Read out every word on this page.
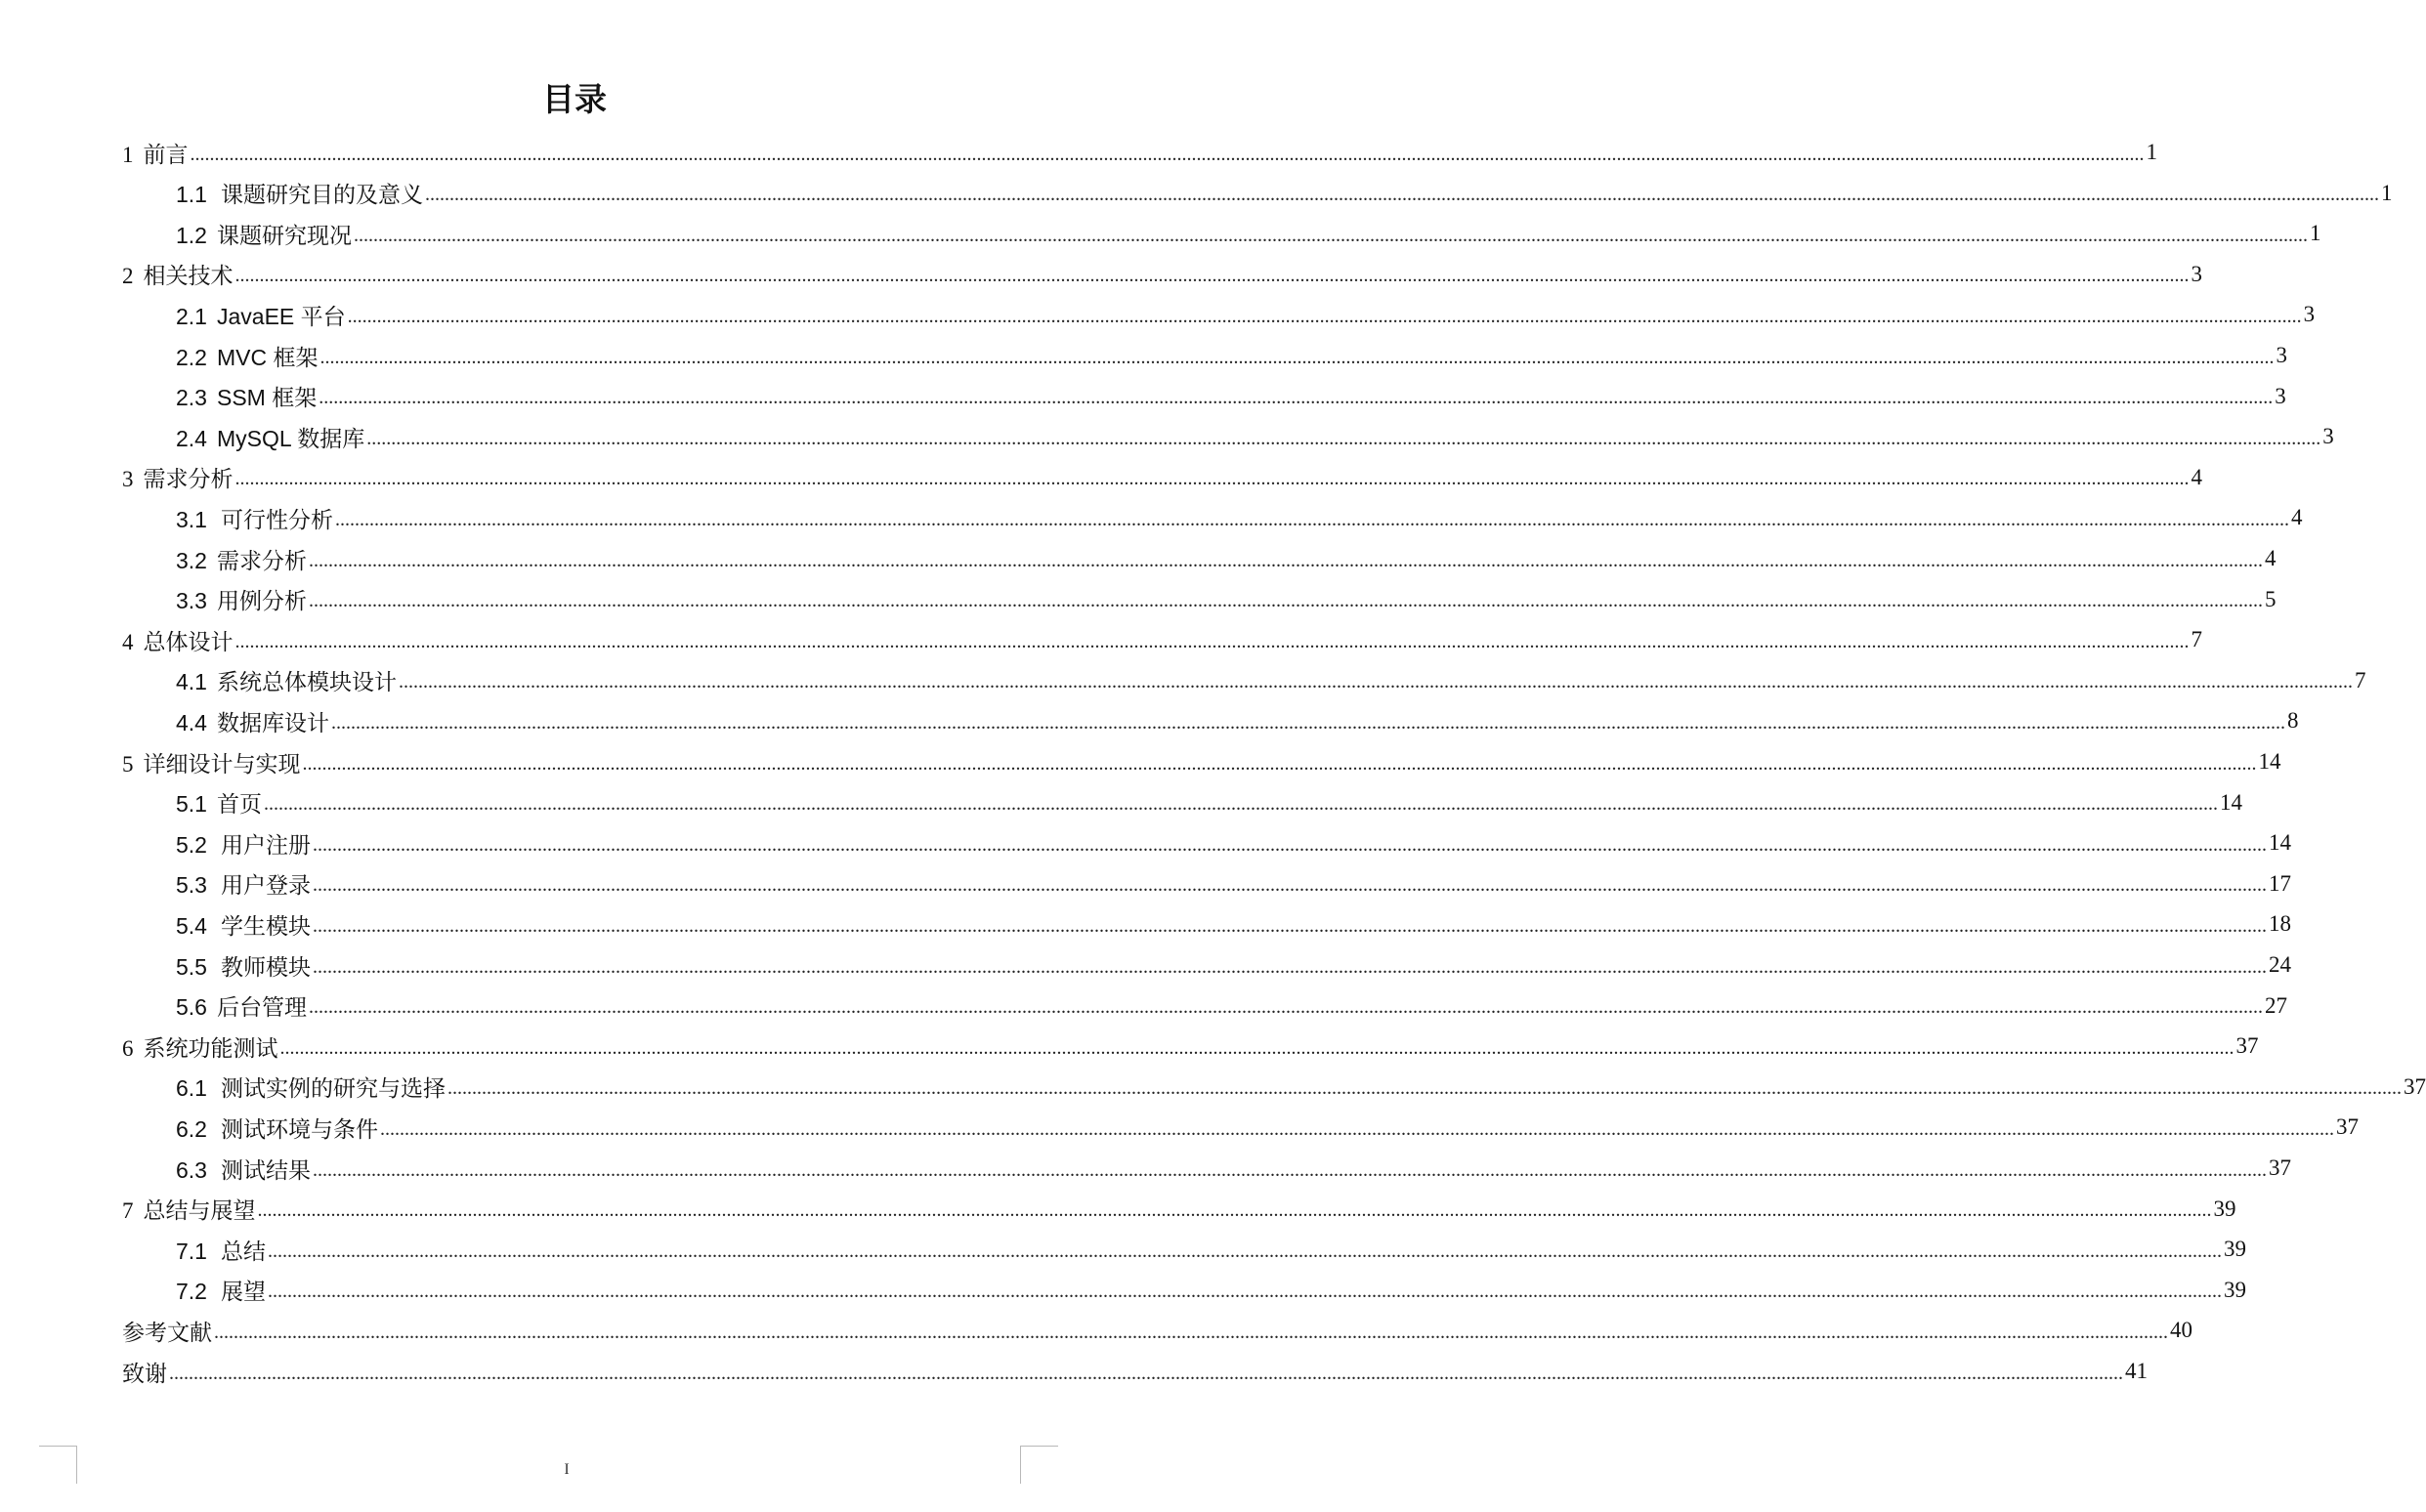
目录
1 前言 ................................................................................................................................................................................................................................................................................................................................................................................................................ 1
1.1 课题研究目的及意义 ................................................................................................................................................................................................................................................................................................................................................................................................................ 1
1.2 课题研究现况 ................................................................................................................................................................................................................................................................................................................................................................................................................ 1
2 相关技术 ................................................................................................................................................................................................................................................................................................................................................................................................................ 3
2.1 JavaEE 平台 ................................................................................................................................................................................................................................................................................................................................................................................................................ 3
2.2 MVC 框架 ................................................................................................................................................................................................................................................................................................................................................................................................................ 3
2.3 SSM 框架 ................................................................................................................................................................................................................................................................................................................................................................................................................ 3
2.4 MySQL 数据库 ................................................................................................................................................................................................................................................................................................................................................................................................................ 3
3 需求分析 ................................................................................................................................................................................................................................................................................................................................................................................................................ 4
3.1 可行性分析 ................................................................................................................................................................................................................................................................................................................................................................................................................ 4
3.2 需求分析 ................................................................................................................................................................................................................................................................................................................................................................................................................ 4
3.3 用例分析 ................................................................................................................................................................................................................................................................................................................................................................................................................ 5
4 总体设计 ................................................................................................................................................................................................................................................................................................................................................................................................................ 7
4.1 系统总体模块设计 ................................................................................................................................................................................................................................................................................................................................................................................................................ 7
4.4 数据库设计 ................................................................................................................................................................................................................................................................................................................................................................................................................ 8
5 详细设计与实现 ................................................................................................................................................................................................................................................................................................................................................................................................................ 14
5.1 首页 ................................................................................................................................................................................................................................................................................................................................................................................................................ 14
5.2 用户注册 ................................................................................................................................................................................................................................................................................................................................................................................................................ 14
5.3 用户登录 ................................................................................................................................................................................................................................................................................................................................................................................................................ 17
5.4 学生模块 ................................................................................................................................................................................................................................................................................................................................................................................................................ 18
5.5 教师模块 ................................................................................................................................................................................................................................................................................................................................................................................................................ 24
5.6 后台管理 ................................................................................................................................................................................................................................................................................................................................................................................................................ 27
6 系统功能测试 ................................................................................................................................................................................................................................................................................................................................................................................................................ 37
6.1 测试实例的研究与选择 ................................................................................................................................................................................................................................................................................................................................................................................................................ 37
6.2 测试环境与条件 ................................................................................................................................................................................................................................................................................................................................................................................................................ 37
6.3 测试结果 ................................................................................................................................................................................................................................................................................................................................................................................................................ 37
7 总结与展望 ................................................................................................................................................................................................................................................................................................................................................................................................................ 39
7.1 总结 ................................................................................................................................................................................................................................................................................................................................................................................................................ 39
7.2 展望 ................................................................................................................................................................................................................................................................................................................................................................................................................ 39
参考文献 ................................................................................................................................................................................................................................................................................................................................................................................................................ 40
致谢 ................................................................................................................................................................................................................................................................................................................................................................................................................ 41
I
